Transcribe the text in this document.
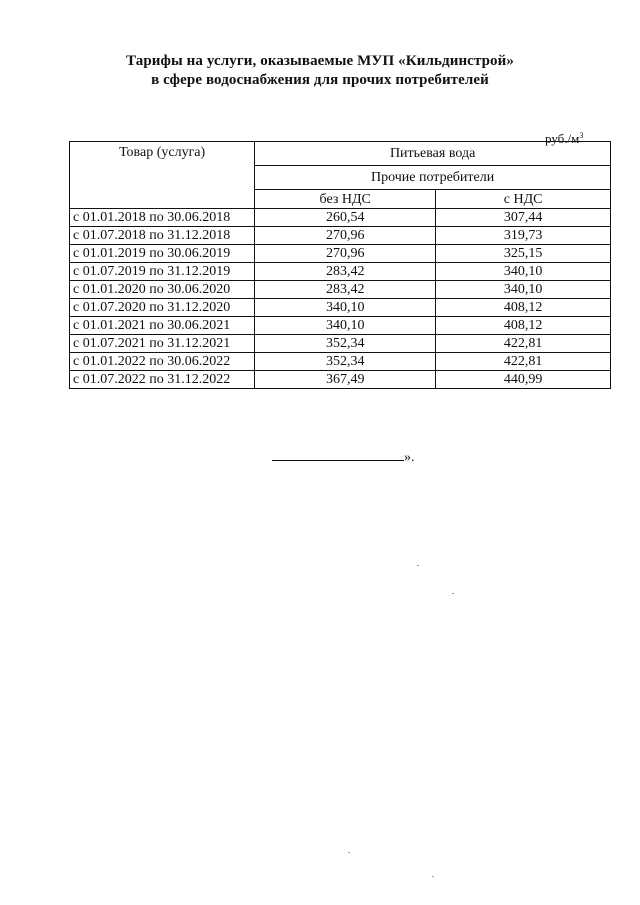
Тарифы на услуги, оказываемые МУП «Кильдинстрой»
в сфере водоснабжения для прочих потребителей
$руб./м^3$
Товар (услуга)	Питьевая вода	
	Прочие потребители	
	без НДС	с НДС
с 01.01.2018 по 30.06.2018	260,54	307,44
с 01.07.2018 по 31.12.2018	270,96	319,73
с 01.01.2019 по 30.06.2019	270,96	325,15
с 01.07.2019 по 31.12.2019	283,42	340,10
с 01.01.2020 по 30.06.2020	283,42	340,10
с 01.07.2020 по 31.12.2020	340,10	408,12
с 01.01.2021 по 30.06.2021	340,10	408,12
с 01.07.2021 по 31.12.2021	352,34	422,81
с 01.01.2022 по 30.06.2022	352,34	422,81
с 01.07.2022 по 31.12.2022	367,49	440,99
».
